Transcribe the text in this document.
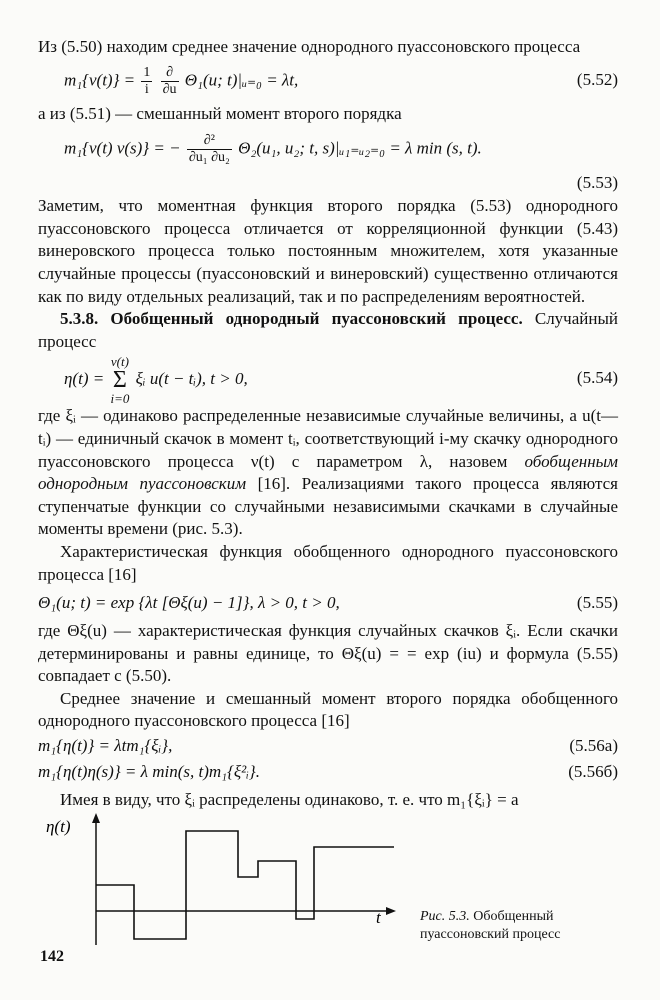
Из (5.50) находим среднее значение однородного пуассоновского процесса

$m_1\{\nu(t)\} = \frac{1}{i}$
$\frac{\partial}{\partial u} \Theta_1(u$; t)|ᵤ₌₀ = λt,	(5.52)

а из (5.51) — смешанный момент второго порядка

m₁{ν(t) ν(s)} = − $\frac{\text{∂²}}{\text{∂u₁ ∂u₂}} \Theta_2(u_1$, u₂; t, s)|ᵤ₁₌ᵤ₂₌₀ = λ min (s, t).
(5.53)

Заметим, что моментная функция второго порядка (5.53) однородного пуассоновского процесса отличается от корреляционной функции (5.43) винеровского процесса только постоянным множителем, хотя указанные случайные процессы (пуассоновский и винеровский) существенно отличаются как по виду отдельных реализаций, так и по распределениям вероятностей.

5.3.8. Обобщенный однородный пуассоновский процесс. Случайный процесс

η(t) =
ν(t)
Σ
i=0
ξᵢ u(t − tᵢ), t > 0,	(5.54)

где ξᵢ — одинаково распределенные независимые случайные величины, а u(t—tᵢ) — единичный скачок в момент tᵢ, соответствующий i-му скачку однородного пуассоновского процесса ν(t) с параметром λ, назовем обобщенным однородным пуассоновским [16]. Реализациями такого процесса являются ступенчатые функции со случайными независимыми скачками в случайные моменты времени (рис. 5.3).

Характеристическая функция обобщенного однородного пуассоновского процесса [16]

Θ₁(u; t) = exp {λt [Θξ(u) − 1]}, λ > 0, t > 0,	(5.55)

где Θξ(u) — характеристическая функция случайных скачков ξᵢ. Если скачки детерминированы и равны единице, то Θξ(u) = = exp (iu) и формула (5.55) совпадает с (5.50).

Среднее значение и смешанный момент второго порядка обобщенного однородного пуассоновского процесса [16]

m₁{η(t)} = λtm₁{ξᵢ},	(5.56а)
m₁{η(t)η(s)} = λ min(s, t)m₁{ξ²ᵢ}.	(5.56б)

Имея в виду, что ξᵢ распределены одинаково, т. е. что m₁{ξᵢ} = a

η(t)
t	Рис. 5.3. Обобщенный пуассоновский процесс
142
